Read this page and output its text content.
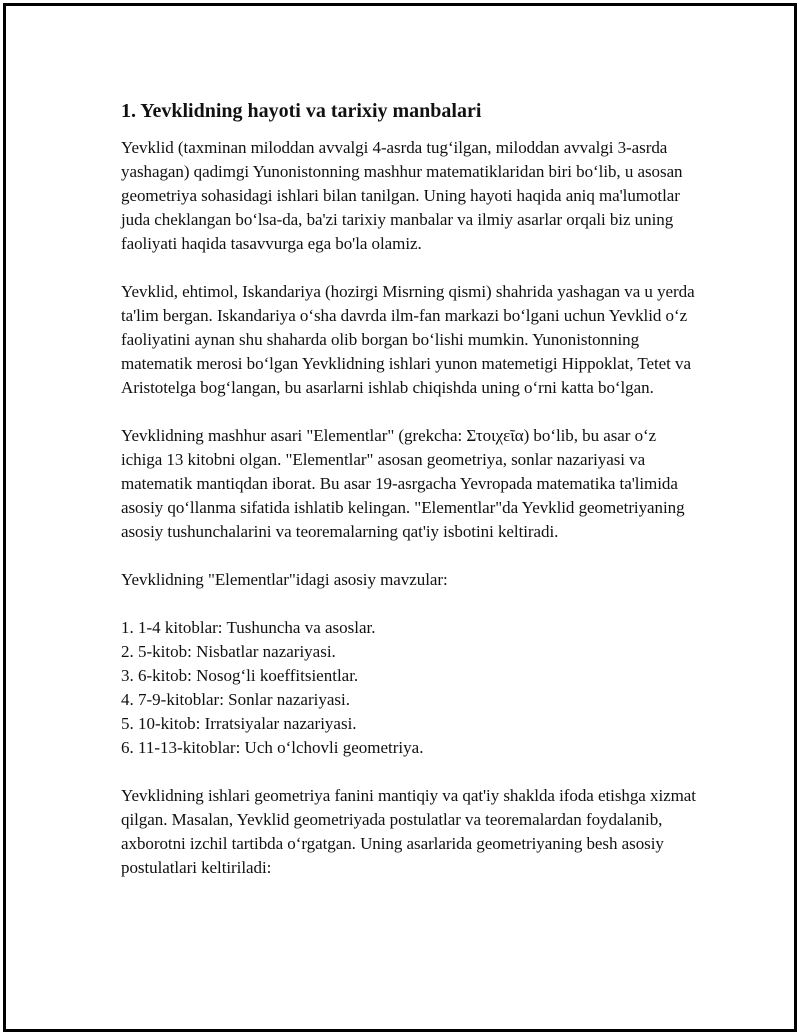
1. Yevklidning hayoti va tarixiy manbalari

Yevklid (taxminan miloddan avvalgi 4-asrda tugʻilgan, miloddan avvalgi 3-asrda yashagan) qadimgi Yunonistonning mashhur matematiklaridan biri boʻlib, u asosan geometriya sohasidagi ishlari bilan tanilgan. Uning hayoti haqida aniq ma'lumotlar juda cheklangan boʻlsa-da, ba'zi tarixiy manbalar va ilmiy asarlar orqali biz uning faoliyati haqida tasavvurga ega bo'la olamiz.

Yevklid, ehtimol, Iskandariya (hozirgi Misrning qismi) shahrida yashagan va u yerda ta'lim bergan. Iskandariya oʻsha davrda ilm-fan markazi boʻlgani uchun Yevklid oʻz faoliyatini aynan shu shaharda olib borgan boʻlishi mumkin. Yunonistonning matematik merosi boʻlgan Yevklidning ishlari yunon matemetigi Hippoklat, Tetet va Aristotelga bogʻlangan, bu asarlarni ishlab chiqishda uning oʻrni katta boʻlgan.

Yevklidning mashhur asari "Elementlar" (grekcha: Στοιχεῖα) boʻlib, bu asar oʻz ichiga 13 kitobni olgan. "Elementlar" asosan geometriya, sonlar nazariyasi va matematik mantiqdan iborat. Bu asar 19-asrgacha Yevropada matematika ta'limida asosiy qoʻllanma sifatida ishlatib kelingan. "Elementlar"da Yevklid geometriyaning asosiy tushunchalarini va teoremalarning qat'iy isbotini keltiradi.

Yevklidning "Elementlar"idagi asosiy mavzular:

1. 1-4 kitoblar: Tushuncha va asoslar.
2. 5-kitob: Nisbatlar nazariyasi.
3. 6-kitob: Nosogʻli koeffitsientlar.
4. 7-9-kitoblar: Sonlar nazariyasi.
5. 10-kitob: Irratsiyalar nazariyasi.
6. 11-13-kitoblar: Uch oʻlchovli geometriya.

Yevklidning ishlari geometriya fanini mantiqiy va qat'iy shaklda ifoda etishga xizmat qilgan. Masalan, Yevklid geometriyada postulatlar va teoremalardan foydalanib, axborotni izchil tartibda oʻrgatgan. Uning asarlarida geometriyaning besh asosiy postulatlari keltiriladi:
